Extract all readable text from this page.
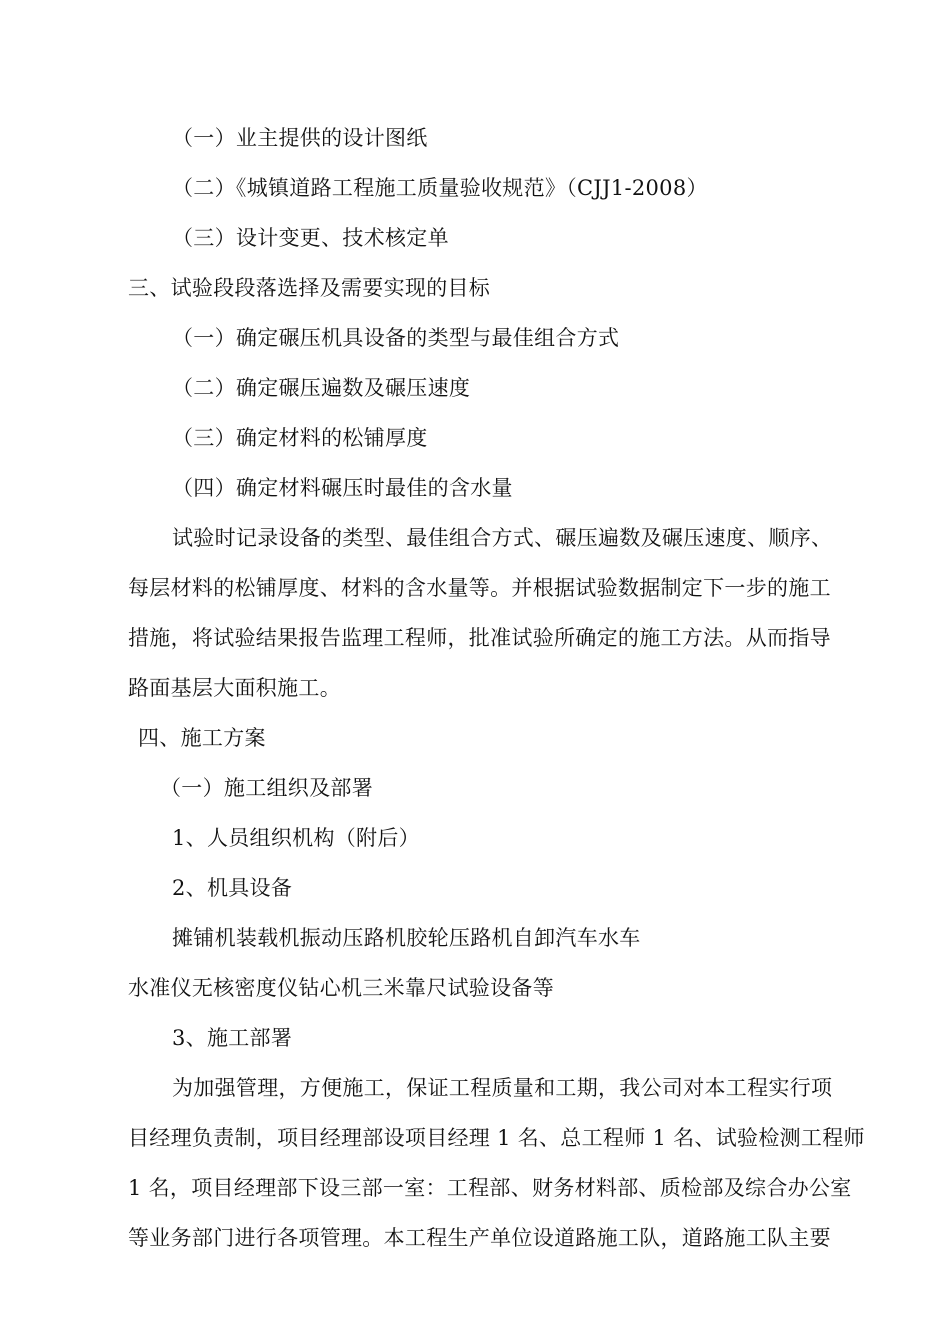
（一）业主提供的设计图纸
（二）《城镇道路工程施工质量验收规范》（CJJ1-2008）
（三）设计变更、技术核定单
三、试验段段落选择及需要实现的目标
（一）确定碾压机具设备的类型与最佳组合方式
（二）确定碾压遍数及碾压速度
（三）确定材料的松铺厚度
（四）确定材料碾压时最佳的含水量
试验时记录设备的类型、最佳组合方式、碾压遍数及碾压速度、顺序、
每层材料的松铺厚度、材料的含水量等。并根据试验数据制定下一步的施工
措施，将试验结果报告监理工程师，批准试验所确定的施工方法。从而指导
路面基层大面积施工。
四、施工方案
（一）施工组织及部署
1、人员组织机构（附后）
2、机具设备
摊铺机装载机振动压路机胶轮压路机自卸汽车水车
水准仪无核密度仪钻心机三米靠尺试验设备等
3、施工部署
为加强管理，方便施工，保证工程质量和工期，我公司对本工程实行项
目经理负责制，项目经理部设项目经理 1 名、总工程师 1 名、试验检测工程师
1 名，项目经理部下设三部一室：工程部、财务材料部、质检部及综合办公室
等业务部门进行各项管理。本工程生产单位设道路施工队，道路施工队主要
